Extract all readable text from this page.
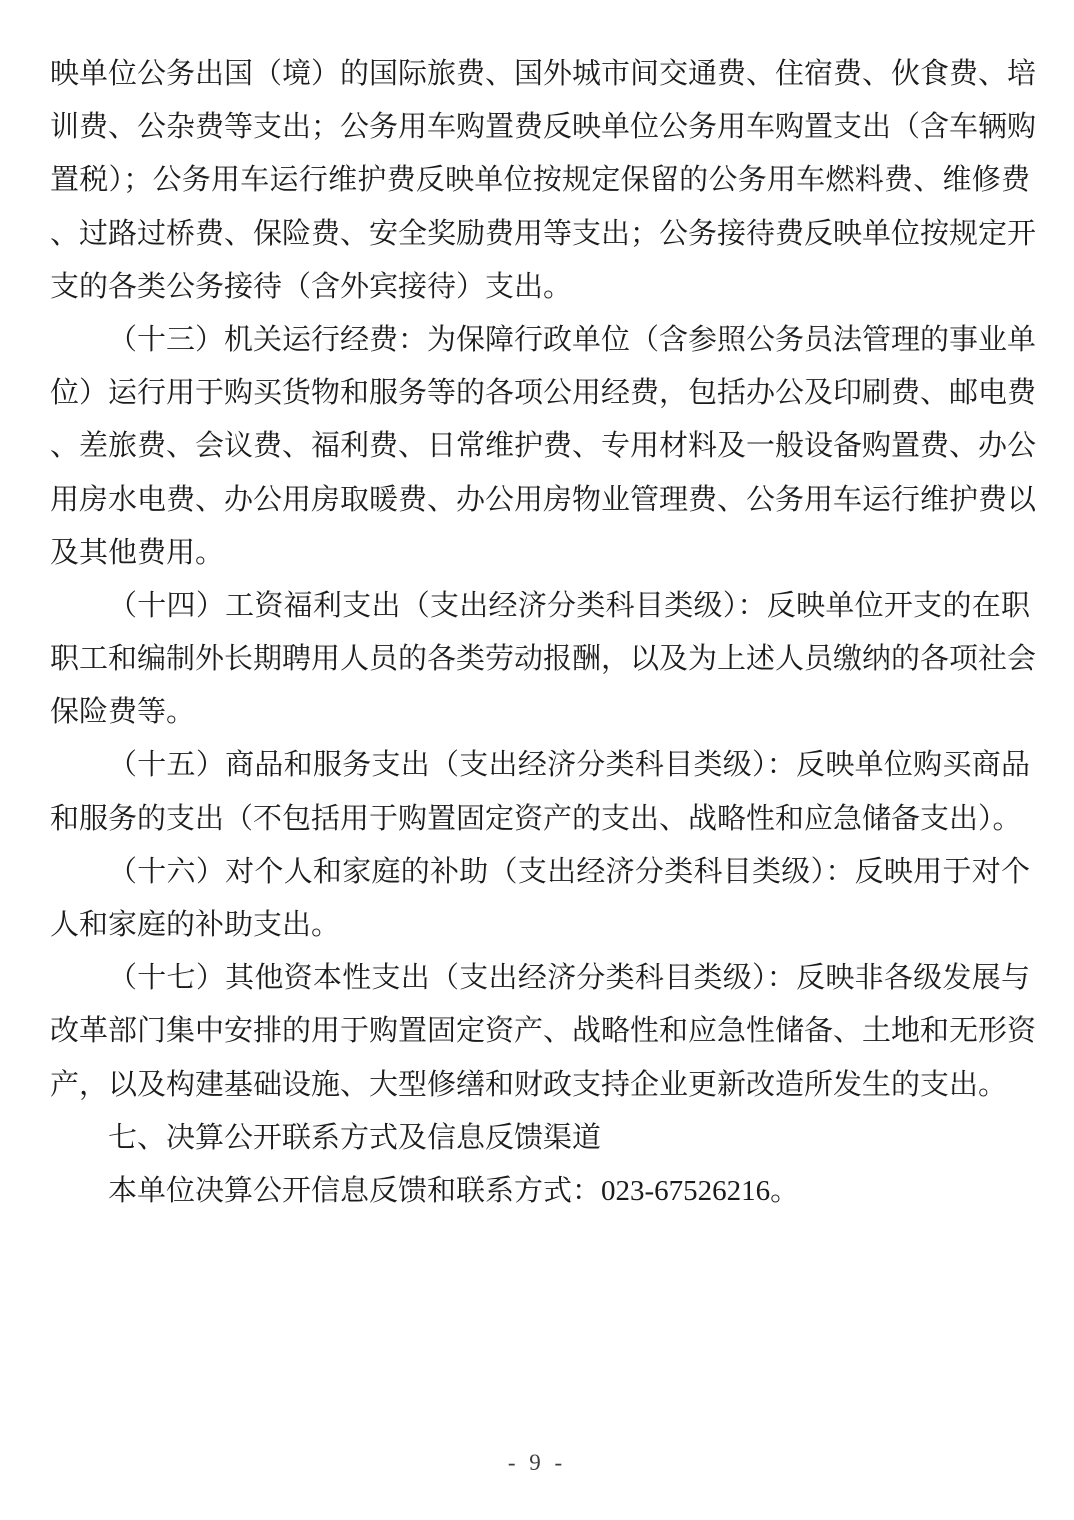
映单位公务出国（境）的国际旅费、国外城市间交通费、住宿费、伙食费、培
训费、公杂费等支出；公务用车购置费反映单位公务用车购置支出（含车辆购
置税）；公务用车运行维护费反映单位按规定保留的公务用车燃料费、维修费
、过路过桥费、保险费、安全奖励费用等支出；公务接待费反映单位按规定开
支的各类公务接待（含外宾接待）支出。
（十三）机关运行经费：为保障行政单位（含参照公务员法管理的事业单
位）运行用于购买货物和服务等的各项公用经费，包括办公及印刷费、邮电费
、差旅费、会议费、福利费、日常维护费、专用材料及一般设备购置费、办公
用房水电费、办公用房取暖费、办公用房物业管理费、公务用车运行维护费以
及其他费用。
（十四）工资福利支出（支出经济分类科目类级）：反映单位开支的在职
职工和编制外长期聘用人员的各类劳动报酬，以及为上述人员缴纳的各项社会
保险费等。
（十五）商品和服务支出（支出经济分类科目类级）：反映单位购买商品
和服务的支出（不包括用于购置固定资产的支出、战略性和应急储备支出）。
（十六）对个人和家庭的补助（支出经济分类科目类级）：反映用于对个
人和家庭的补助支出。
（十七）其他资本性支出（支出经济分类科目类级）：反映非各级发展与
改革部门集中安排的用于购置固定资产、战略性和应急性储备、土地和无形资
产，以及构建基础设施、大型修缮和财政支持企业更新改造所发生的支出。
七、决算公开联系方式及信息反馈渠道
本单位决算公开信息反馈和联系方式：023-67526216。
- 9 -
